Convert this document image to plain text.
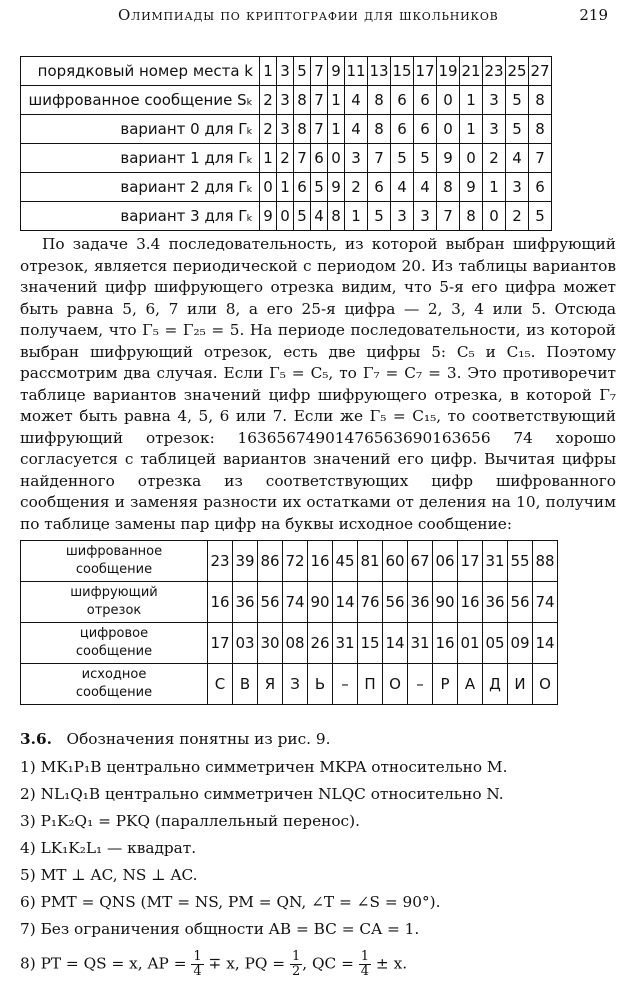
Олимпиады по криптографии для школьников	219
порядковый номер места k	1	3	5	7	9	11	13	15	17	19	21	23	25	27
шифрованное сообщение Sₖ	2	3	8	7	1	4	8	6	6	0	1	3	5	8
вариант 0 для Γₖ	2	3	8	7	1	4	8	6	6	0	1	3	5	8
вариант 1 для Γₖ	1	2	7	6	0	3	7	5	5	9	0	2	4	7
вариант 2 для Γₖ	0	1	6	5	9	2	6	4	4	8	9	1	3	6
вариант 3 для Γₖ	9	0	5	4	8	1	5	3	3	7	8	0	2	5

По задаче 3.4 последовательность, из которой выбран шифрующий отрезок, является периодической с периодом 20. Из таблицы вариантов значений цифр шифрующего отрезка видим, что 5-я его цифра может быть равна 5, 6, 7 или 8, а его 25-я цифра — 2, 3, 4 или 5. Отсюда получаем, что Γ₅ = Γ₂₅ = 5. На периоде последовательности, из которой выбран шифрующий отрезок, есть две цифры 5: C₅ и C₁₅. Поэтому рассмотрим два случая. Если Γ₅ = C₅, то Γ₇ = C₇ = 3. Это противоречит таблице вариантов значений цифр шифрующего отрезка, в которой Γ₇ может быть равна 4, 5, 6 или 7. Если же Γ₅ = C₁₅, то соответствующий шифрующий отрезок: 16365674901476563690163656 74 хорошо согласуется с таблицей вариантов значений его цифр. Вычитая цифры найденного отрезка из соответствующих цифр шифрованного сообщения и заменяя разности их остатками от деления на 10, получим по таблице замены пар цифр на буквы исходное сообщение:

шифрованное
сообщение	23	39	86	72	16	45	81	60	67	06	17	31	55	88

шифрующий
отрезок	16	36	56	74	90	14	76	56	36	90	16	36	56	74

цифровое
сообщение	17	03	30	08	26	31	15	14	31	16	01	05	09	14

исходное
сообщение	С	В	Я	З	Ь	–	П	О	–	Р	А	Д	И	О
3.6. Обозначения понятны из рис. 9.
1) MK₁P₁B центрально симметричен MKPA относительно M.
2) NL₁Q₁B центрально симметричен NLQC относительно N.
3) P₁K₂Q₁ = PKQ (параллельный перенос).
4) LK₁K₂L₁ — квадрат.
5) MT ⊥ AC, NS ⊥ AC.
6) PMT = QNS (MT = NS, PM = QN, ∠T = ∠S = 90°).
7) Без ограничения общности AB = BC = CA = 1.
8) PT = QS = x, AP = $\frac{1}{4} \mp x$, PQ = $\frac{1}{2}$ , QC = $\frac{1}{4} \pm x$.
